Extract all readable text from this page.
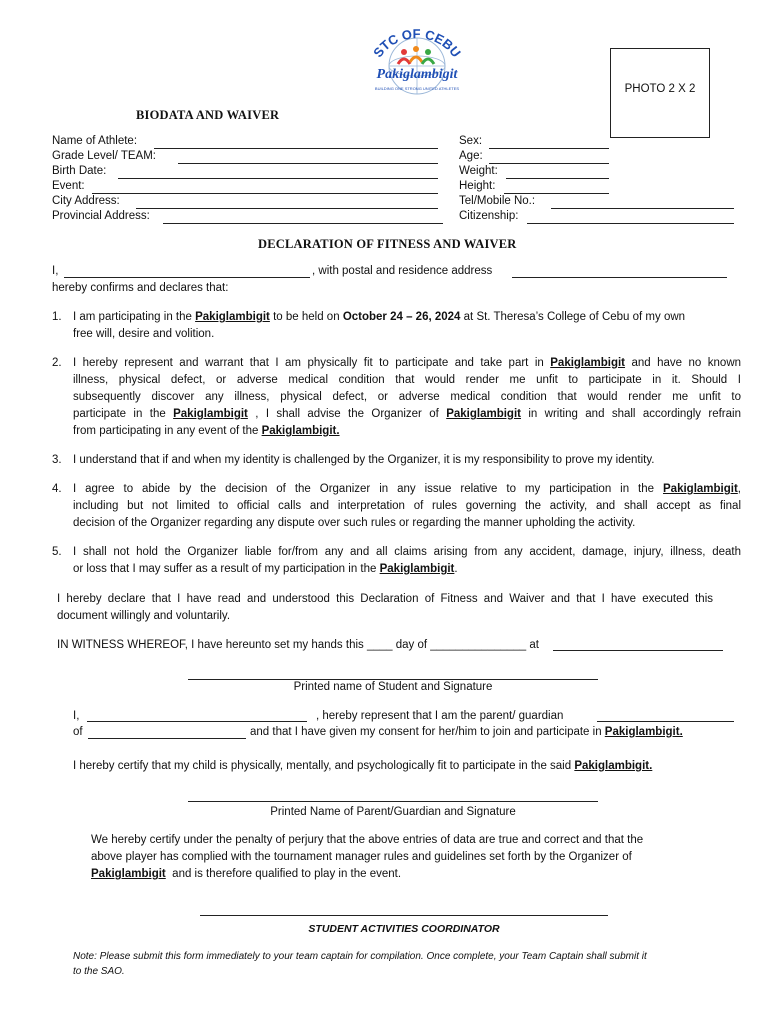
STC OF CEBU
Pakiglambigit
BUILDING ONE STRONG UNITED ATHLETES	PHOTO 2 X 2
BIODATA AND WAIVER
Name of Athlete:
Grade Level/ TEAM:
Birth Date:
Event:
City Address:
Provincial Address:
Sex:
Age:
Weight:
Height:
Tel/Mobile No.:
Citizenship:
DECLARATION OF FITNESS AND WAIVER
I,	, with postal and residence address
hereby confirms and declares that:
1. I am participating in the Pakiglambigit to be held on October 24 – 26, 2024 at St. Theresa’s College of Cebu of my own
free will, desire and volition.
2. I hereby represent and warrant that I am physically fit to participate and take part in Pakiglambigit and have no known
illness, physical defect, or adverse medical condition that would render me unfit to participate in it. Should I
subsequently discover any illness, physical defect, or adverse medical condition that would render me unfit to
participate in the Pakiglambigit , I shall advise the Organizer of Pakiglambigit in writing and shall accordingly refrain
from participating in any event of the Pakiglambigit.
3. I understand that if and when my identity is challenged by the Organizer, it is my responsibility to prove my identity.
4. I agree to abide by the decision of the Organizer in any issue relative to my participation in the Pakiglambigit,
including but not limited to official calls and interpretation of rules governing the activity, and shall accept as final
decision of the Organizer regarding any dispute over such rules or regarding the manner upholding the activity.
5. I shall not hold the Organizer liable for/from any and all claims arising from any accident, damage, injury, illness, death
or loss that I may suffer as a result of my participation in the Pakiglambigit.
I hereby declare that I have read and understood this Declaration of Fitness and Waiver and that I have executed this
document willingly and voluntarily.
IN WITNESS WHEREOF, I have hereunto set my hands this ____ day of _______________ at
Printed name of Student and Signature
I,	, hereby represent that I am the parent/ guardian
of	and that I have given my consent for her/him to join and participate in Pakiglambigit.
I hereby certify that my child is physically, mentally, and psychologically fit to participate in the said Pakiglambigit.
Printed Name of Parent/Guardian and Signature
We hereby certify under the penalty of perjury that the above entries of data are true and correct and that the
above player has complied with the tournament manager rules and guidelines set forth by the Organizer of
Pakiglambigit and is therefore qualified to play in the event.
STUDENT ACTIVITIES COORDINATOR
Note: Please submit this form immediately to your team captain for compilation. Once complete, your Team Captain shall submit it
to the SAO.
